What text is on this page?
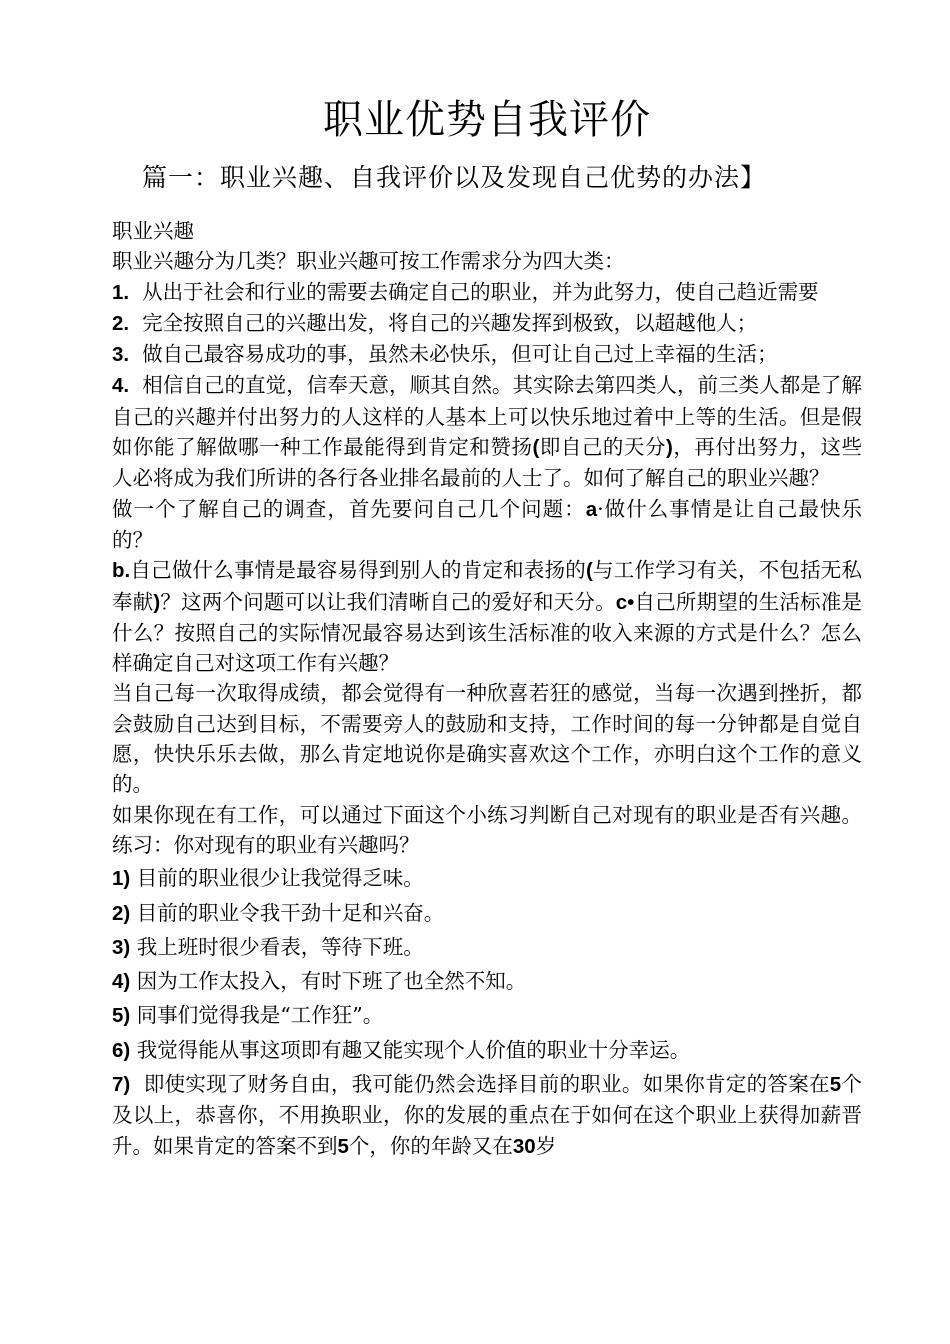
职业优势自我评价
篇一：职业兴趣、自我评价以及发现自己优势的办法】

职业兴趣

职业兴趣分为几类？职业兴趣可按工作需求分为四大类：

1. 从出于社会和行业的需要去确定自己的职业，并为此努力，使自己趋近需要

2. 完全按照自己的兴趣出发，将自己的兴趣发挥到极致，以超越他人；

3. 做自己最容易成功的事，虽然未必快乐，但可让自己过上幸福的生活；

4. 相信自己的直觉，信奉天意，顺其自然。其实除去第四类人，前三类人都是了解自己的兴趣并付出努力的人这样的人基本上可以快乐地过着中上等的生活。但是假如你能了解做哪一种工作最能得到肯定和赞扬(即自己的天分)，再付出努力，这些人必将成为我们所讲的各行各业排名最前的人士了。如何了解自己的职业兴趣？

做一个了解自己的调查，首先要问自己几个问题：a·做什么事情是让自己最快乐的？

b.自己做什么事情是最容易得到别人的肯定和表扬的(与工作学习有关，不包括无私奉献)？这两个问题可以让我们清晰自己的爱好和天分。c•自己所期望的生活标准是什么？按照自己的实际情况最容易达到该生活标准的收入来源的方式是什么？怎么样确定自己对这项工作有兴趣？

当自己每一次取得成绩，都会觉得有一种欣喜若狂的感觉，当每一次遇到挫折，都会鼓励自己达到目标，不需要旁人的鼓励和支持，工作时间的每一分钟都是自觉自愿，快快乐乐去做，那么肯定地说你是确实喜欢这个工作，亦明白这个工作的意义的。

如果你现在有工作，可以通过下面这个小练习判断自己对现有的职业是否有兴趣。练习：你对现有的职业有兴趣吗？

1) 目前的职业很少让我觉得乏味。

2) 目前的职业令我干劲十足和兴奋。

3) 我上班时很少看表，等待下班。

4) 因为工作太投入，有时下班了也全然不知。

5) 同事们觉得我是“工作狂”。

6) 我觉得能从事这项即有趣又能实现个人价值的职业十分幸运。

7) 即使实现了财务自由，我可能仍然会选择目前的职业。如果你肯定的答案在5个及以上，恭喜你，不用换职业，你的发展的重点在于如何在这个职业上获得加薪晋升。如果肯定的答案不到5个，你的年龄又在30岁
